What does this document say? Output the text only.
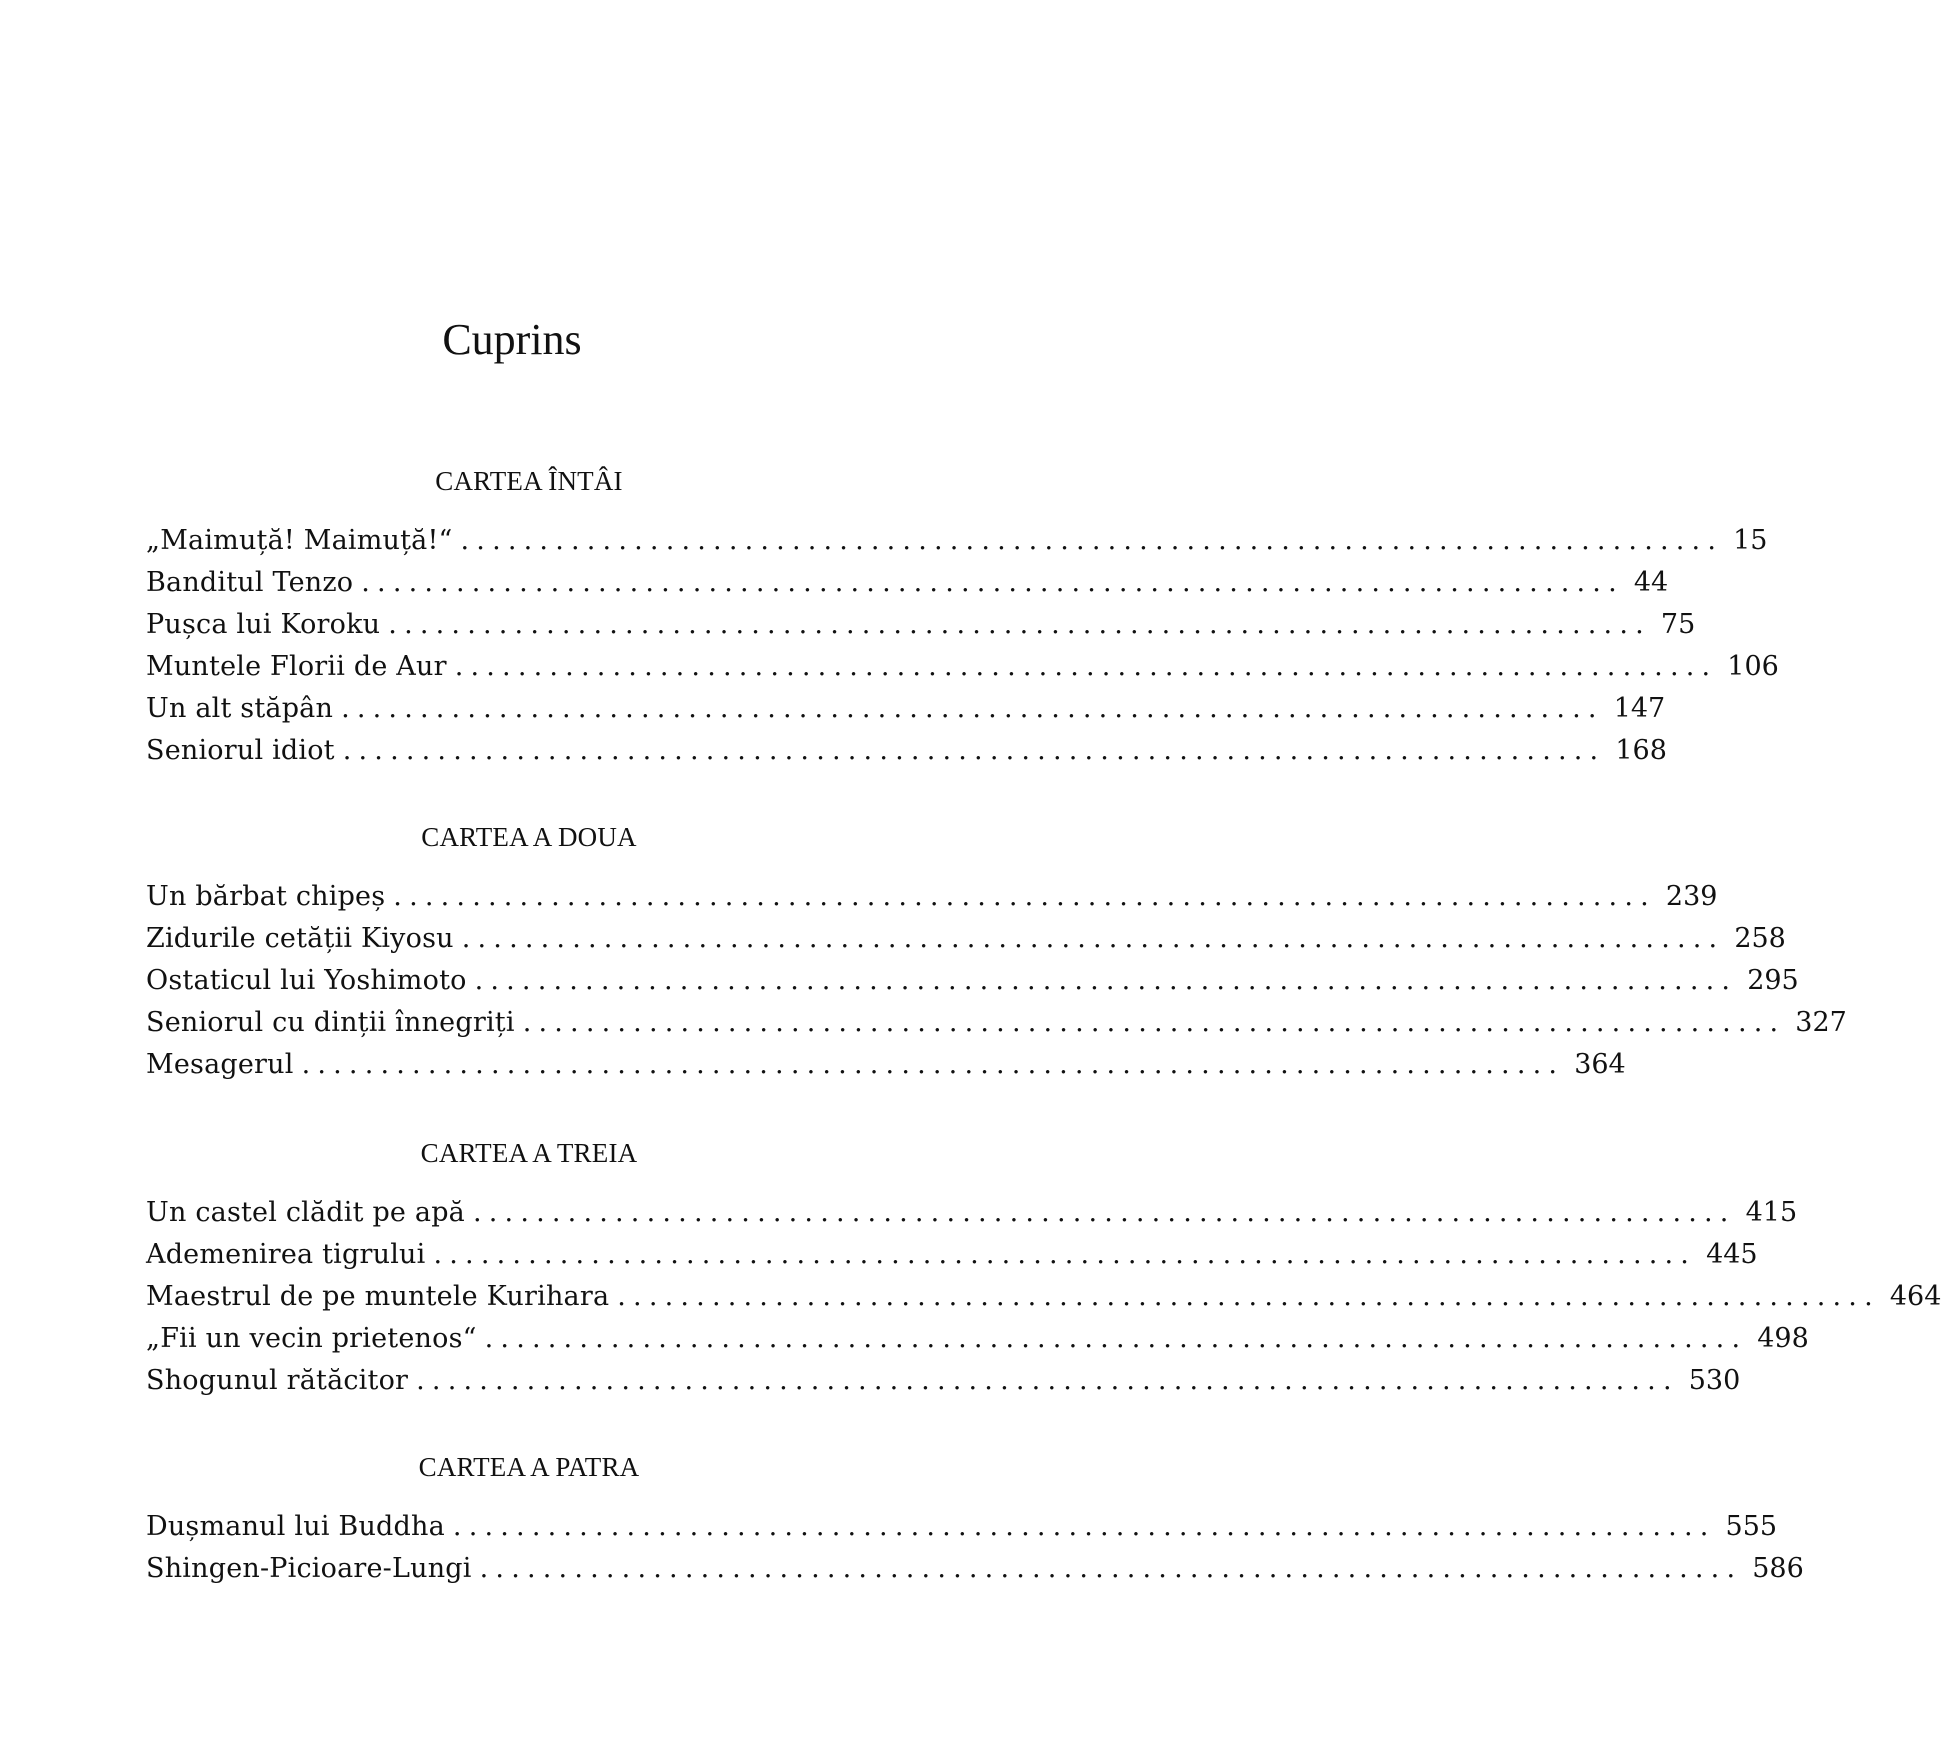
Cuprins
CARTEA ÎNTÂI
„Maimuță! Maimuță!“ ................................................................................ 15
Banditul Tenzo ................................................................................ 44
Pușca lui Koroku ................................................................................ 75
Muntele Florii de Aur ................................................................................ 106
Un alt stăpân ................................................................................ 147
Seniorul idiot ................................................................................ 168
CARTEA A DOUA
Un bărbat chipeș ................................................................................ 239
Zidurile cetății Kiyosu ................................................................................ 258
Ostaticul lui Yoshimoto ................................................................................ 295
Seniorul cu dinții înnegriți ................................................................................ 327
Mesagerul ................................................................................ 364
CARTEA A TREIA
Un castel clădit pe apă ................................................................................ 415
Ademenirea tigrului ................................................................................ 445
Maestrul de pe muntele Kurihara ................................................................................ 464
„Fii un vecin prietenos“ ................................................................................ 498
Shogunul rătăcitor ................................................................................ 530
CARTEA A PATRA
Dușmanul lui Buddha ................................................................................ 555
Shingen-Picioare-Lungi ................................................................................ 586
